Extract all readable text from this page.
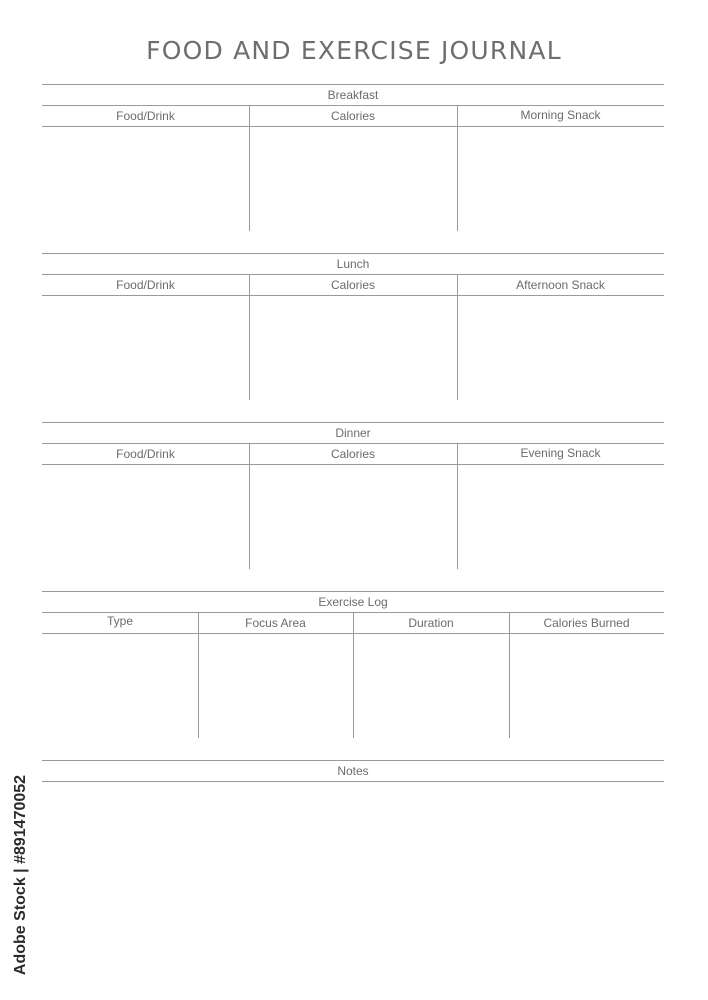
FOOD AND EXERCISE JOURNAL
Breakfast
Food/Drink	Calories	Morning Snack
Lunch
Food/Drink	Calories	Afternoon Snack
Dinner
Food/Drink	Calories	Evening Snack
Exercise Log
Type	Focus Area	Duration	Calories Burned
Notes
Adobe Stock | #891470052
